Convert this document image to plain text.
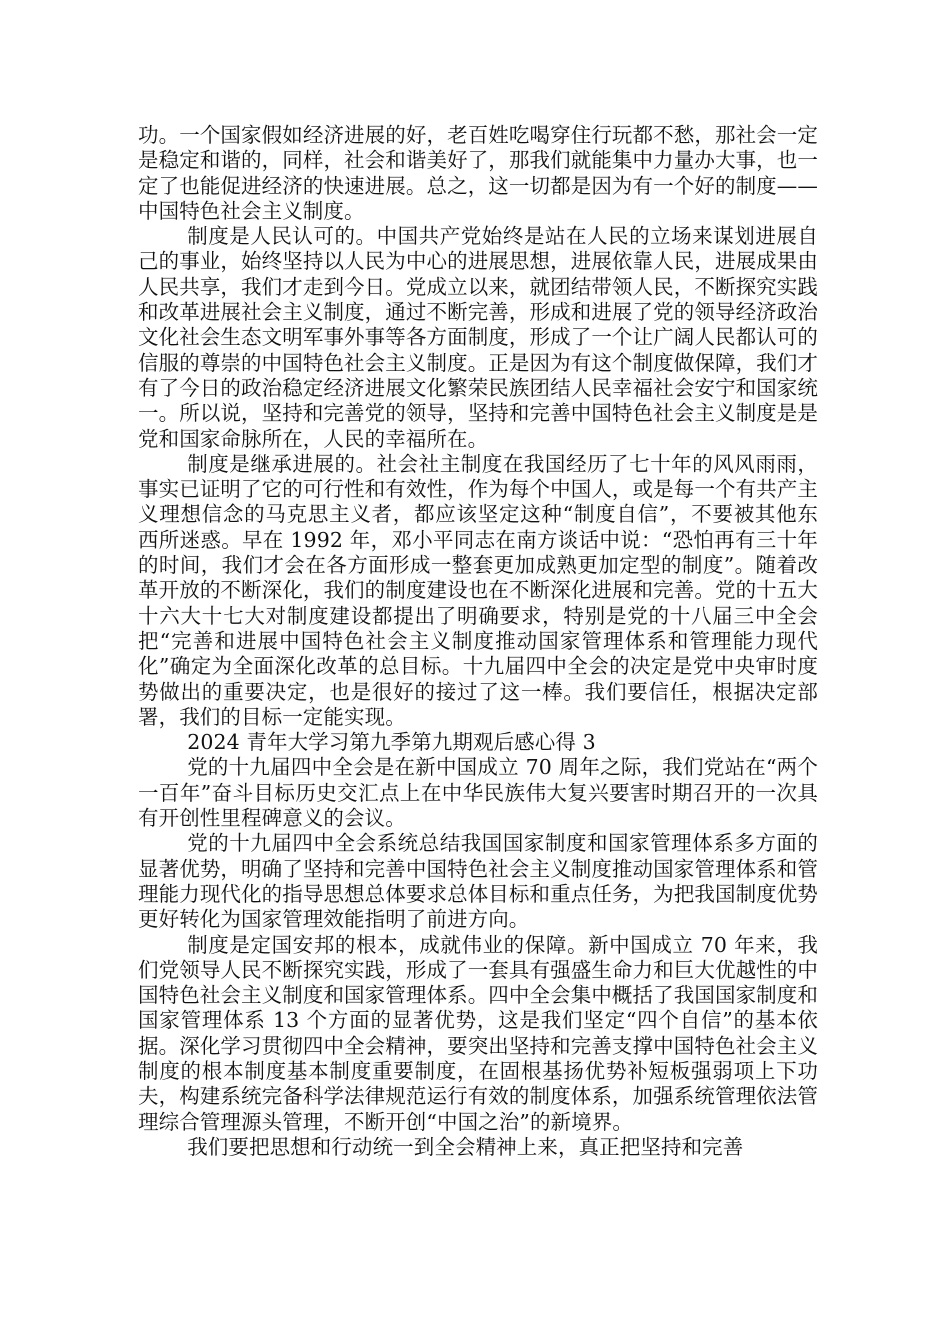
功。一个国家假如经济进展的好，老百姓吃喝穿住行玩都不愁，那社会一定是稳定和谐的，同样，社会和谐美好了，那我们就能集中力量办大事，也一定了也能促进经济的快速进展。总之，这一切都是因为有一个好的制度——中国特色社会主义制度。

制度是人民认可的。中国共产党始终是站在人民的立场来谋划进展自己的事业，始终坚持以人民为中心的进展思想，进展依靠人民，进展成果由人民共享，我们才走到今日。党成立以来，就团结带领人民，不断探究实践和改革进展社会主义制度，通过不断完善，形成和进展了党的领导经济政治文化社会生态文明军事外事等各方面制度，形成了一个让广阔人民都认可的信服的尊崇的中国特色社会主义制度。正是因为有这个制度做保障，我们才有了今日的政治稳定经济进展文化繁荣民族团结人民幸福社会安宁和国家统一。所以说，坚持和完善党的领导，坚持和完善中国特色社会主义制度是是党和国家命脉所在，人民的幸福所在。

制度是继承进展的。社会社主制度在我国经历了七十年的风风雨雨，事实已证明了它的可行性和有效性，作为每个中国人，或是每一个有共产主义理想信念的马克思主义者，都应该坚定这种“制度自信”，不要被其他东西所迷惑。早在 1992 年，邓小平同志在南方谈话中说：“恐怕再有三十年的时间，我们才会在各方面形成一整套更加成熟更加定型的制度”。随着改革开放的不断深化，我们的制度建设也在不断深化进展和完善。党的十五大十六大十七大对制度建设都提出了明确要求，特别是党的十八届三中全会把“完善和进展中国特色社会主义制度推动国家管理体系和管理能力现代化”确定为全面深化改革的总目标。十九届四中全会的决定是党中央审时度势做出的重要决定，也是很好的接过了这一棒。我们要信任，根据决定部署，我们的目标一定能实现。

2024 青年大学习第九季第九期观后感心得 3

党的十九届四中全会是在新中国成立 70 周年之际，我们党站在“两个一百年”奋斗目标历史交汇点上在中华民族伟大复兴要害时期召开的一次具有开创性里程碑意义的会议。

党的十九届四中全会系统总结我国国家制度和国家管理体系多方面的显著优势，明确了坚持和完善中国特色社会主义制度推动国家管理体系和管理能力现代化的指导思想总体要求总体目标和重点任务，为把我国制度优势更好转化为国家管理效能指明了前进方向。

制度是定国安邦的根本，成就伟业的保障。新中国成立 70 年来，我们党领导人民不断探究实践，形成了一套具有强盛生命力和巨大优越性的中国特色社会主义制度和国家管理体系。四中全会集中概括了我国国家制度和国家管理体系 13 个方面的显著优势，这是我们坚定“四个自信”的基本依据。深化学习贯彻四中全会精神，要突出坚持和完善支撑中国特色社会主义制度的根本制度基本制度重要制度，在固根基扬优势补短板强弱项上下功夫，构建系统完备科学法律规范运行有效的制度体系，加强系统管理依法管理综合管理源头管理，不断开创“中国之治”的新境界。

我们要把思想和行动统一到全会精神上来，真正把坚持和完善
